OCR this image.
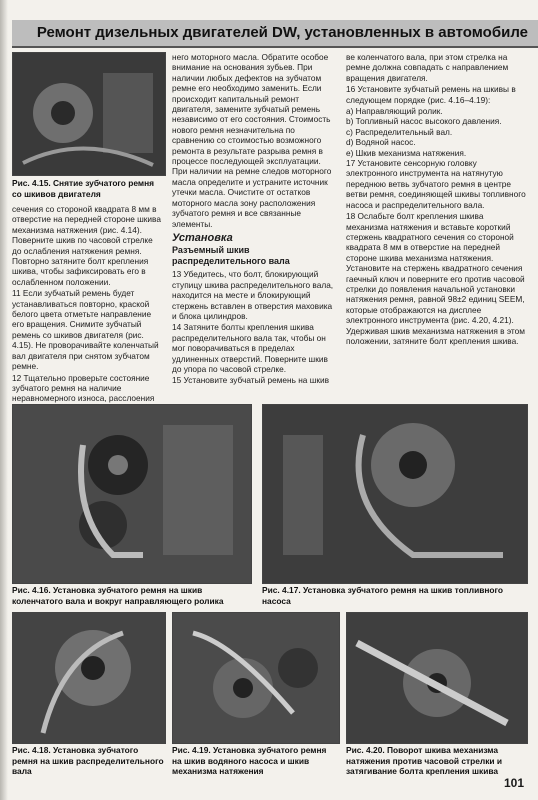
Ремонт дизельных двигателей DW, установленных в автомобиле
Рис. 4.15. Снятие зубчатого ремня со шкивов двигателя

сечения со стороной квадрата 8 мм в отверстие на передней стороне шкива механизма натяжения (рис. 4.14). Поверните шкив по часовой стрелке до ослабления натяжения ремня. Повторно затяните болт крепления шкива, чтобы зафиксировать его в ослабленном положении.

11 Если зубчатый ремень будет устанавливаться повторно, краской белого цвета отметьте направление его вращения. Снимите зубчатый ремень со шкивов двигателя (рис. 4.15). Не проворачивайте коленчатый вал двигателя при снятом зубчатом ремне.

12 Тщательно проверьте состояние зубчатого ремня на наличие неравномерного износа, расслоения

него моторного масла. Обратите особое внимание на основания зубьев. При наличии любых дефектов на зубчатом ремне его необходимо заменить. Если происходит капитальный ремонт двигателя, замените зубчатый ремень независимо от его состояния. Стоимость нового ремня незначительна по сравнению со стоимостью возможного ремонта в результате разрыва ремня в процессе последующей эксплуатации. При наличии на ремне следов моторного масла определите и устраните источник утечки масла. Очистите от остатков моторного масла зону расположения зубчатого ремня и все связанные элементы.

Установка
Разъемный шкив распределительного вала

13 Убедитесь, что болт, блокирующий ступицу шкива распределительного вала, находится на месте и блокирующий стержень вставлен в отверстия маховика и блока цилиндров.

14 Затяните болты крепления шкива распределительного вала так, чтобы он мог поворачиваться в пределах удлиненных отверстий. Поверните шкив до упора по часовой стрелке.

15 Установите зубчатый ремень на шкив

ве коленчатого вала, при этом стрелка на ремне должна совпадать с направлением вращения двигателя.

16 Установите зубчатый ремень на шкивы в следующем порядке (рис. 4.16–4.19):

a) Направляющий ролик.
b) Топливный насос высокого давления.
c) Распределительный вал.
d) Водяной насос.
e) Шкив механизма натяжения.

17 Установите сенсорную головку электронного инструмента на натянутую переднюю ветвь зубчатого ремня в центре ветви ремня, соединяющей шкивы топливного насоса и распределительного вала.

18 Ослабьте болт крепления шкива механизма натяжения и вставьте короткий стержень квадратного сечения со стороной квадрата 8 мм в отверстие на передней стороне шкива механизма натяжения. Установите на стержень квадратного сечения гаечный ключ и поверните его против часовой стрелки до появления начальной установки натяжения ремня, равной 98±2 единиц SEEM, которые отображаются на дисплее электронного инструмента (рис. 4.20, 4.21). Удерживая шкив механизма натяжения в этом положении, затяните болт крепления шкива.

Рис. 4.16. Установка зубчатого ремня на шкив коленчатого вала и вокруг направляющего ролика
Рис. 4.17. Установка зубчатого ремня на шкив топливного насоса
Рис. 4.18. Установка зубчатого ремня на шкив распределительного вала
Рис. 4.19. Установка зубчатого ремня на шкив водяного насоса и шкив механизма натяжения
Рис. 4.20. Поворот шкива механизма натяжения против часовой стрелки и затягивание болта крепления шкива
101
